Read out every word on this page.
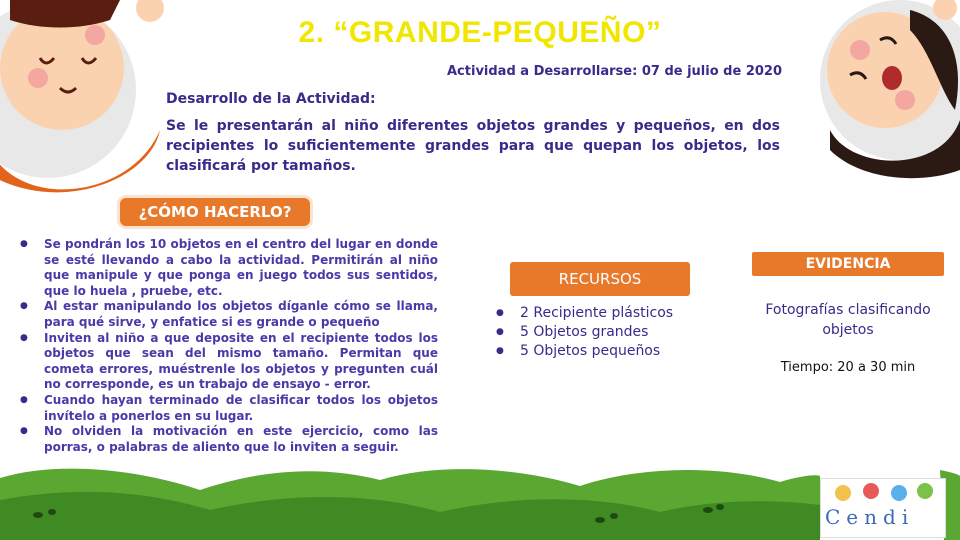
2. “GRANDE-PEQUEÑO”
Actividad a Desarrollarse: 07 de julio de 2020
Desarrollo de la Actividad:
Se le presentarán al niño diferentes objetos grandes y pequeños, en dos recipientes lo suficientemente grandes para que quepan los objetos, los clasificará por tamaños.
¿CÓMO HACERLO?
● Se pondrán los 10 objetos en el centro del lugar en donde se esté llevando a cabo la actividad. Permitirán al niño que manipule y que ponga en juego todos sus sentidos, que lo huela , pruebe, etc.
● Al estar manipulando los objetos díganle cómo se llama, para qué sirve, y enfatice si es grande o pequeño
● Inviten al niño a que deposite en el recipiente todos los objetos que sean del mismo tamaño. Permitan que cometa errores, muéstrenle los objetos y pregunten cuál no corresponde, es un trabajo de ensayo - error.
● Cuando hayan terminado de clasificar todos los objetos invítelo a ponerlos en su lugar.
● No olviden la motivación en este ejercicio, como las porras, o palabras de aliento que lo inviten a seguir.
RECURSOS
● 2 Recipiente plásticos
● 5 Objetos grandes
● 5 Objetos pequeños
EVIDENCIA
Fotografías clasificando objetos
Tiempo: 20 a 30 min
Cendi
